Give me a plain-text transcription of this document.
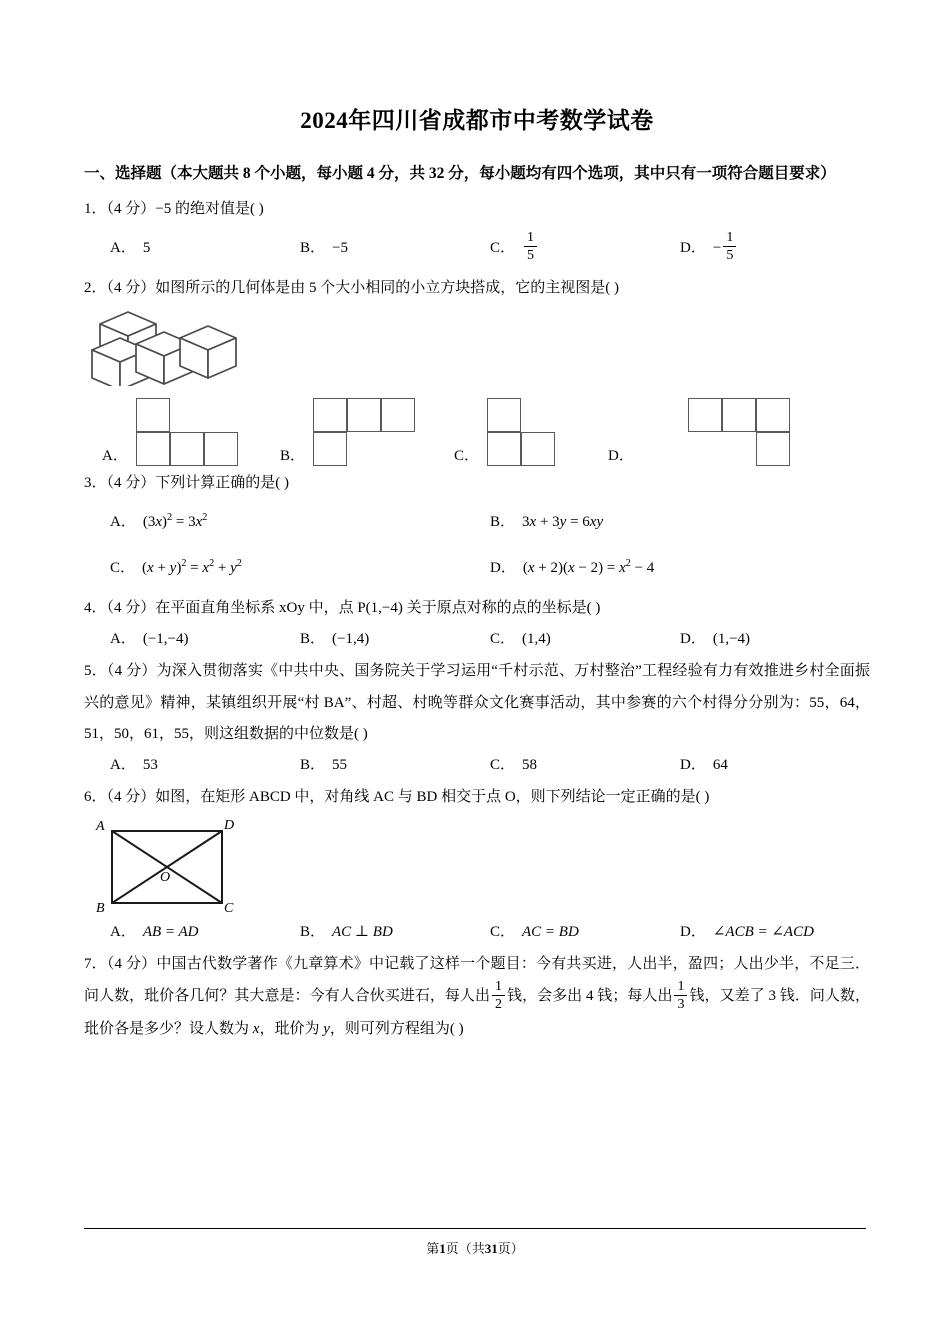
2024年四川省成都市中考数学试卷
一、选择题（本大题共 8 个小题，每小题 4 分，共 32 分，每小题均有四个选项，其中只有一项符合题目要求）
1．（4 分）−5 的绝对值是( )
A． 5	B． −5	C． $\frac{1}{5}$	D． − $\frac{1}{5}$
2．（4 分）如图所示的几何体是由 5 个大小相同的小立方块搭成，它的主视图是( )
A．	B．	C．	D．
3．（4 分）下列计算正确的是( )
A． $(3x)^2 = 3x^2$	B． 3x + 3y = 6xy
C． $(x + y)^2 = x^2 + y^2$	D． $(x + 2)(x - 2) = x^2 - 4$
4．（4 分）在平面直角坐标系 xOy 中，点 P(1,−4) 关于原点对称的点的坐标是( )
A． (−1,−4)	B． (−1,4)	C． (1,4)	D． (1,−4)
5．（4 分）为深入贯彻落实《中共中央、国务院关于学习运用“千村示范、万村整治”工程经验有力有效推进乡村全面振兴的意见》精神，某镇组织开展“村 BA”、村超、村晚等群众文化赛事活动，其中参赛的六个村得分分别为：55，64，51，50，61，55，则这组数据的中位数是( )
A． 53	B． 55	C． 58	D． 64
6．（4 分）如图，在矩形 ABCD 中，对角线 AC 与 BD 相交于点 O，则下列结论一定正确的是( )
A	D
B	C
O
A． AB = AD	B． AC ⊥ BD	C． AC = BD	D． ∠ACB = ∠ACD
7．（4 分）中国古代数学著作《九章算术》中记载了这样一个题目：今有共买进，人出半，盈四；人出少半，不足三．问人数，玭价各几何？其大意是：今有人合伙买进石，每人出 $\frac{1}{2}$ 钱，会多出 4 钱；每人出 $\frac{1}{3}$ 钱，又差了 3 钱．问人数，玭价各是多少？设人数为 x，玭价为 y，则可列方程组为( )
第1页（共31页）
